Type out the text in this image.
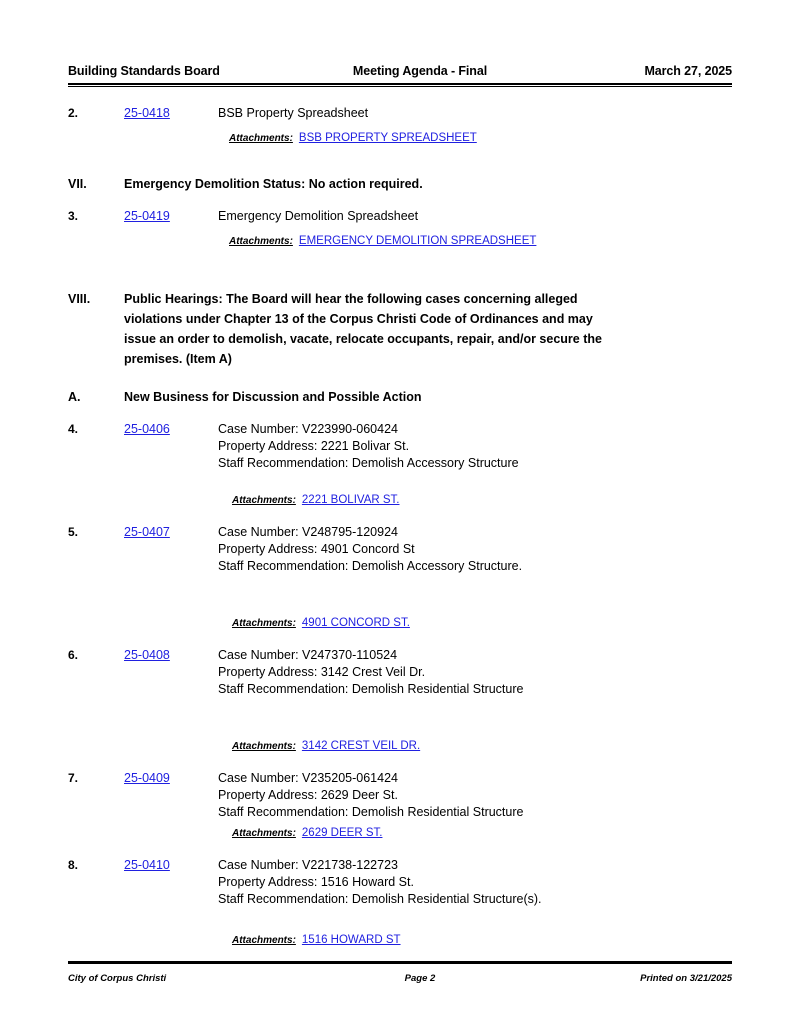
Building Standards Board	Meeting Agenda - Final	March 27, 2025
2.	25-0418	BSB Property Spreadsheet
Attachments: BSB PROPERTY SPREADSHEET
VII.	Emergency Demolition Status: No action required.
3.	25-0419	Emergency Demolition Spreadsheet
Attachments: EMERGENCY DEMOLITION SPREADSHEET
VIII.	Public Hearings: The Board will hear the following cases concerning alleged
violations under Chapter 13 of the Corpus Christi Code of Ordinances and may
issue an order to demolish, vacate, relocate occupants, repair, and/or secure the
premises. (Item A)
A.	New Business for Discussion and Possible Action
4.	25-0406	Case Number: V223990-060424
Property Address: 2221 Bolivar St.
Staff Recommendation: Demolish Accessory Structure
Attachments: 2221 BOLIVAR ST.
5.	25-0407	Case Number: V248795-120924
Property Address: 4901 Concord St
Staff Recommendation: Demolish Accessory Structure.
Attachments: 4901 CONCORD ST.
6.	25-0408	Case Number: V247370-110524
Property Address: 3142 Crest Veil Dr.
Staff Recommendation: Demolish Residential Structure
Attachments: 3142 CREST VEIL DR.
7.	25-0409	Case Number: V235205-061424
Property Address: 2629 Deer St.
Staff Recommendation: Demolish Residential Structure
Attachments: 2629 DEER ST.
8.	25-0410	Case Number: V221738-122723
Property Address: 1516 Howard St.
Staff Recommendation: Demolish Residential Structure(s).
Attachments: 1516 HOWARD ST
City of Corpus Christi	Page 2	Printed on 3/21/2025
